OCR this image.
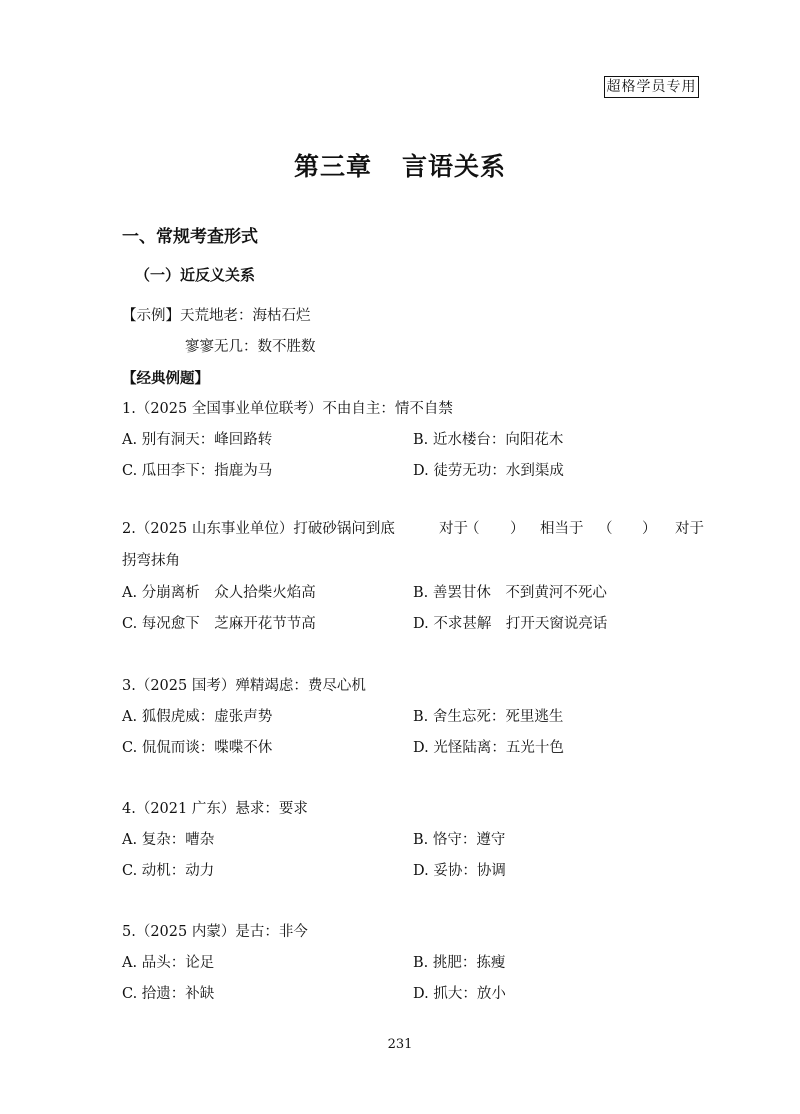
超格学员专用
第三章 言语关系
一、常规考查形式
（一）近反义关系
【示例】天荒地老：海枯石烂
寥寥无几：数不胜数
【经典例题】
1.（2025 全国事业单位联考）不由自主：情不自禁
A. 别有洞天：峰回路转	B. 近水楼台：向阳花木
C. 瓜田李下：指鹿为马	D. 徒劳无功：水到渠成
2.（2025 山东事业单位）打破砂锅问到底	对于
（ ） 相当于 （ ） 对于
拐弯抹角
A. 分崩离析　众人拾柴火焰高	B. 善罢甘休　不到黄河不死心
C. 每况愈下　芝麻开花节节高	D. 不求甚解　打开天窗说亮话
3.（2025 国考）殚精竭虑：费尽心机
A. 狐假虎威：虚张声势	B. 舍生忘死：死里逃生
C. 侃侃而谈：喋喋不休	D. 光怪陆离：五光十色
4.（2021 广东）悬求：要求
A. 复杂：嘈杂	B. 恪守：遵守
C. 动机：动力	D. 妥协：协调
5.（2025 内蒙）是古：非今
A. 品头：论足	B. 挑肥：拣瘦
C. 拾遗：补缺	D. 抓大：放小
231
